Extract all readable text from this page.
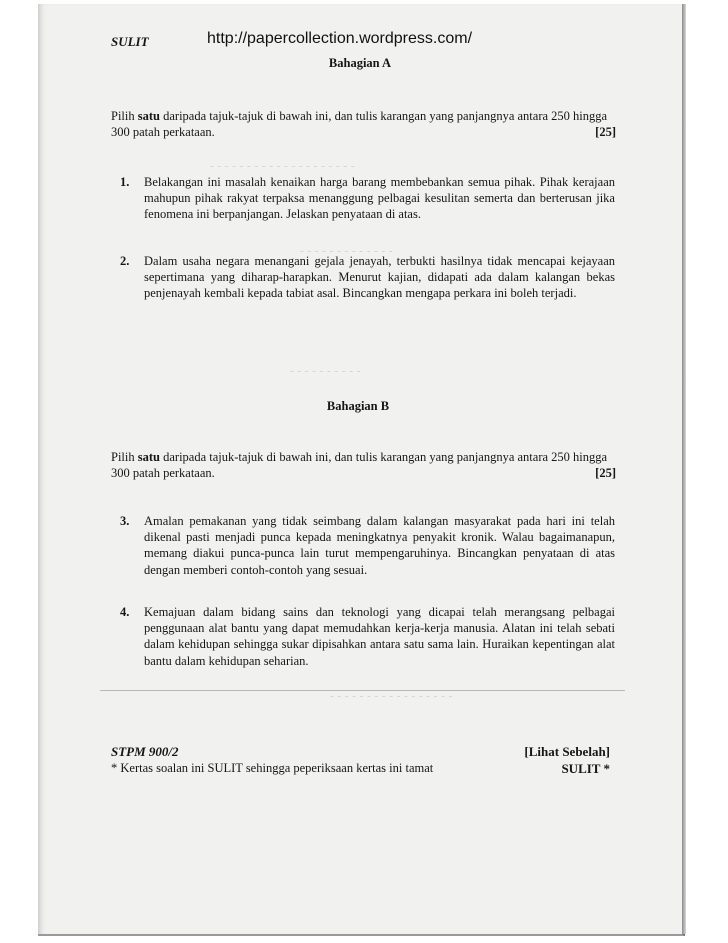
- - - - - - - - - - - - - - - - - - - -
- - - - - - - - - - - - -
- - - - - - - - - -
- - - - - - - - - - - - - - - - -
SULIT	http://papercollection.wordpress.com/
Bahagian A
Pilih satu daripada tajuk-tajuk di bawah ini, dan tulis karangan yang panjangnya antara 250 hingga 300 patah perkataan.	[25]
1. Belakangan ini masalah kenaikan harga barang membebankan semua pihak. Pihak kerajaan mahupun pihak rakyat terpaksa menanggung pelbagai kesulitan semerta dan berterusan jika fenomena ini berpanjangan. Jelaskan penyataan di atas.
2. Dalam usaha negara menangani gejala jenayah, terbukti hasilnya tidak mencapai kejayaan sepertimana yang diharap-harapkan. Menurut kajian, didapati ada dalam kalangan bekas penjenayah kembali kepada tabiat asal. Bincangkan mengapa perkara ini boleh terjadi.
Bahagian B
Pilih satu daripada tajuk-tajuk di bawah ini, dan tulis karangan yang panjangnya antara 250 hingga 300 patah perkataan.	[25]
3. Amalan pemakanan yang tidak seimbang dalam kalangan masyarakat pada hari ini telah dikenal pasti menjadi punca kepada meningkatnya penyakit kronik. Walau bagaimanapun, memang diakui punca-punca lain turut mempengaruhinya. Bincangkan penyataan di atas dengan memberi contoh-contoh yang sesuai.
4. Kemajuan dalam bidang sains dan teknologi yang dicapai telah merangsang pelbagai penggunaan alat bantu yang dapat memudahkan kerja-kerja manusia. Alatan ini telah sebati dalam kehidupan sehingga sukar dipisahkan antara satu sama lain. Huraikan kepentingan alat bantu dalam kehidupan seharian.
STPM 900/2
* Kertas soalan ini SULIT sehingga peperiksaan kertas ini tamat
[Lihat Sebelah]
SULIT *
